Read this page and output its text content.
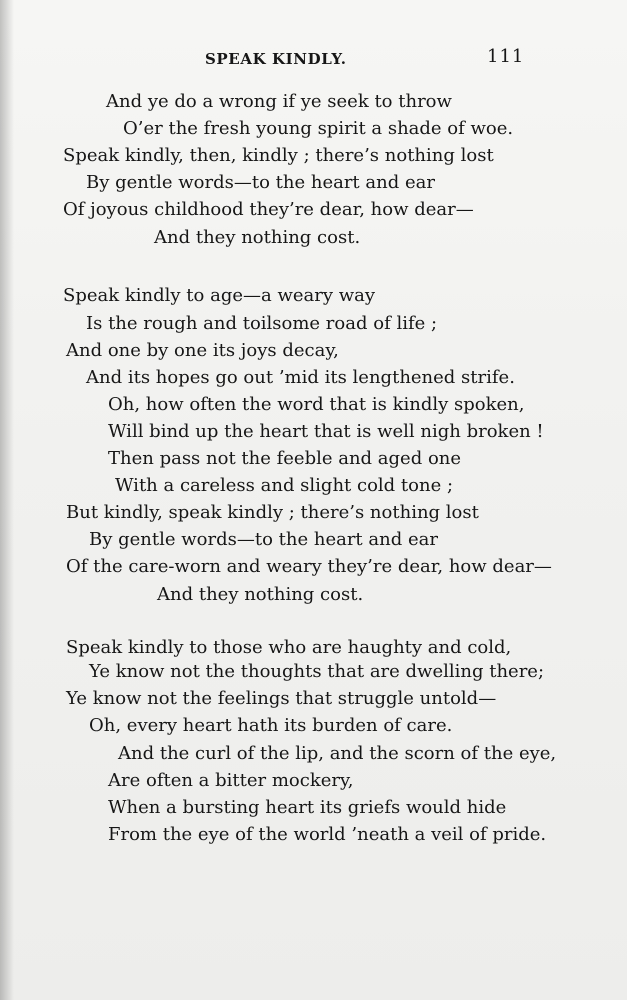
SPEAK KINDLY.	111
And ye do a wrong if ye seek to throw
O’er the fresh young spirit a shade of woe.
Speak kindly, then, kindly ; there’s nothing lost
By gentle words—to the heart and ear
Of joyous childhood they’re dear, how dear—
And they nothing cost.
Speak kindly to age—a weary way
Is the rough and toilsome road of life ;
And one by one its joys decay,
And its hopes go out ’mid its lengthened strife.
Oh, how often the word that is kindly spoken,
Will bind up the heart that is well nigh broken !
Then pass not the feeble and aged one
With a careless and slight cold tone ;
But kindly, speak kindly ; there’s nothing lost
By gentle words—to the heart and ear
Of the care-worn and weary they’re dear, how dear—
And they nothing cost.
Speak kindly to those who are haughty and cold,
Ye know not the thoughts that are dwelling there;
Ye know not the feelings that struggle untold—
Oh, every heart hath its burden of care.
And the curl of the lip, and the scorn of the eye,
Are often a bitter mockery,
When a bursting heart its griefs would hide
From the eye of the world ’neath a veil of pride.
